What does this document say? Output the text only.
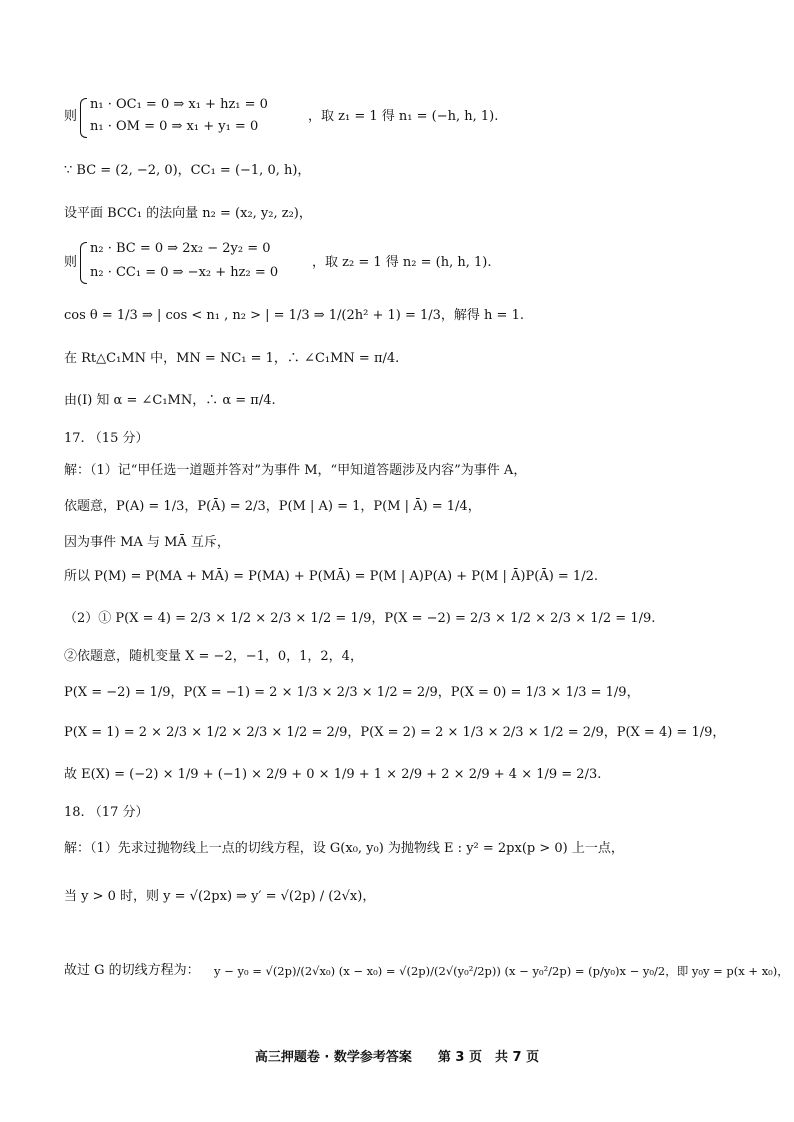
则
n₁ · OC₁ = 0 ⇒ x₁ + hz₁ = 0
n₁ · OM = 0 ⇒ x₁ + y₁ = 0
，取 z₁ = 1 得 n₁ = (−h, h, 1).
∵ BC = (2, −2, 0)，CC₁ = (−1, 0, h)，
设平面 BCC₁ 的法向量 n₂ = (x₂, y₂, z₂)，
则
n₂ · BC = 0 ⇒ 2x₂ − 2y₂ = 0
n₂ · CC₁ = 0 ⇒ −x₂ + hz₂ = 0
，取 z₂ = 1 得 n₂ = (h, h, 1).
cos θ = 1/3 ⇒ | cos < n₁ , n₂ > | = 1/3 ⇒ 1/(2h² + 1) = 1/3，解得 h = 1.
在 Rt△C₁MN 中，MN = NC₁ = 1，∴ ∠C₁MN = π/4.
由(I) 知 α = ∠C₁MN，∴ α = π/4.
17. （15 分）
解：（1）记“甲任选一道题并答对”为事件 M，“甲知道答题涉及内容”为事件 A，
依题意，P(A) = 1/3，P(Ā) = 2/3，P(M | A) = 1，P(M | Ā) = 1/4，
因为事件 MA 与 MĀ 互斥，
所以 P(M) = P(MA + MĀ) = P(MA) + P(MĀ) = P(M | A)P(A) + P(M | Ā)P(Ā) = 1/2.
（2）① P(X = 4) = 2/3 × 1/2 × 2/3 × 1/2 = 1/9，P(X = −2) = 2/3 × 1/2 × 2/3 × 1/2 = 1/9.
②依题意，随机变量 X = −2，−1，0，1，2，4，
P(X = −2) = 1/9，P(X = −1) = 2 × 1/3 × 2/3 × 1/2 = 2/9，P(X = 0) = 1/3 × 1/3 = 1/9，
P(X = 1) = 2 × 2/3 × 1/2 × 2/3 × 1/2 = 2/9，P(X = 2) = 2 × 1/3 × 2/3 × 1/2 = 2/9，P(X = 4) = 1/9，
故 E(X) = (−2) × 1/9 + (−1) × 2/9 + 0 × 1/9 + 1 × 2/9 + 2 × 2/9 + 4 × 1/9 = 2/3.
18. （17 分）
解：（1）先求过抛物线上一点的切线方程，设 G(x₀, y₀) 为抛物线 E : y² = 2px(p > 0) 上一点，
当 y > 0 时，则 y = √(2px) ⇒ y′ = √(2p) / (2√x)，
故过 G 的切线方程为： y − y₀ = √(2p)/(2√x₀) (x − x₀) = √(2p)/(2√(y₀²/2p)) (x − y₀²/2p) = (p/y₀)x − y₀/2，即 y₀y = p(x + x₀)，
高三押题卷 · 数学参考答案　　第 3 页　共 7 页
